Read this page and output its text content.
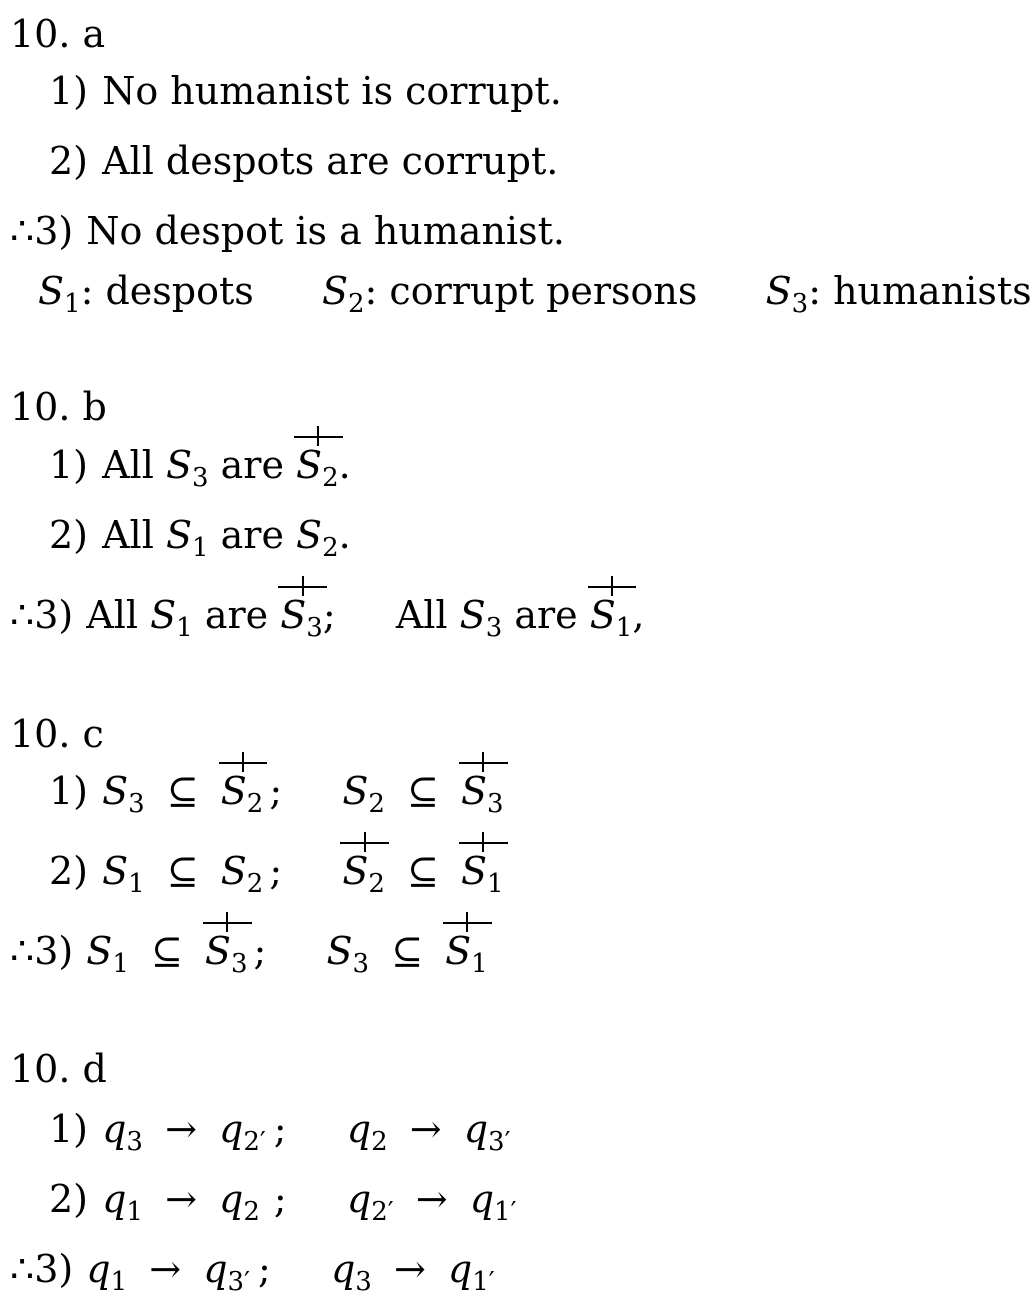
10. a
1) No humanist is corrupt.
2) All despots are corrupt.
∴3) No despot is a humanist.
$S_1$: despots $S_2$: corrupt persons $S_3$: humanists
10. b
1) All $S_3$ are $S_2$.
2) All $S_1$ are $S_2$.
∴3) All $S_1$ are $S_3$; All $S_3$ are $S_1$,
10. c
1) $S_3$ ⊆ $S_2$ ; $S_2$ ⊆ $S_3$
2) $S_1$ ⊆ $S_2$ ; $S_2$ ⊆ $S_1$
∴3) $S_1$ ⊆ $S_3$ ; $S_3$ ⊆ $S_1$
10. d
1) $q_3 \to q_{2'}$ ; $q_2 \to q_{3'}$
2) $q_1 \to q_2$ ; $q_{2'} \to q_{1'}$
∴3) $q_1 \to q_{3'}$ ; $q_3 \to q_{1'}$
